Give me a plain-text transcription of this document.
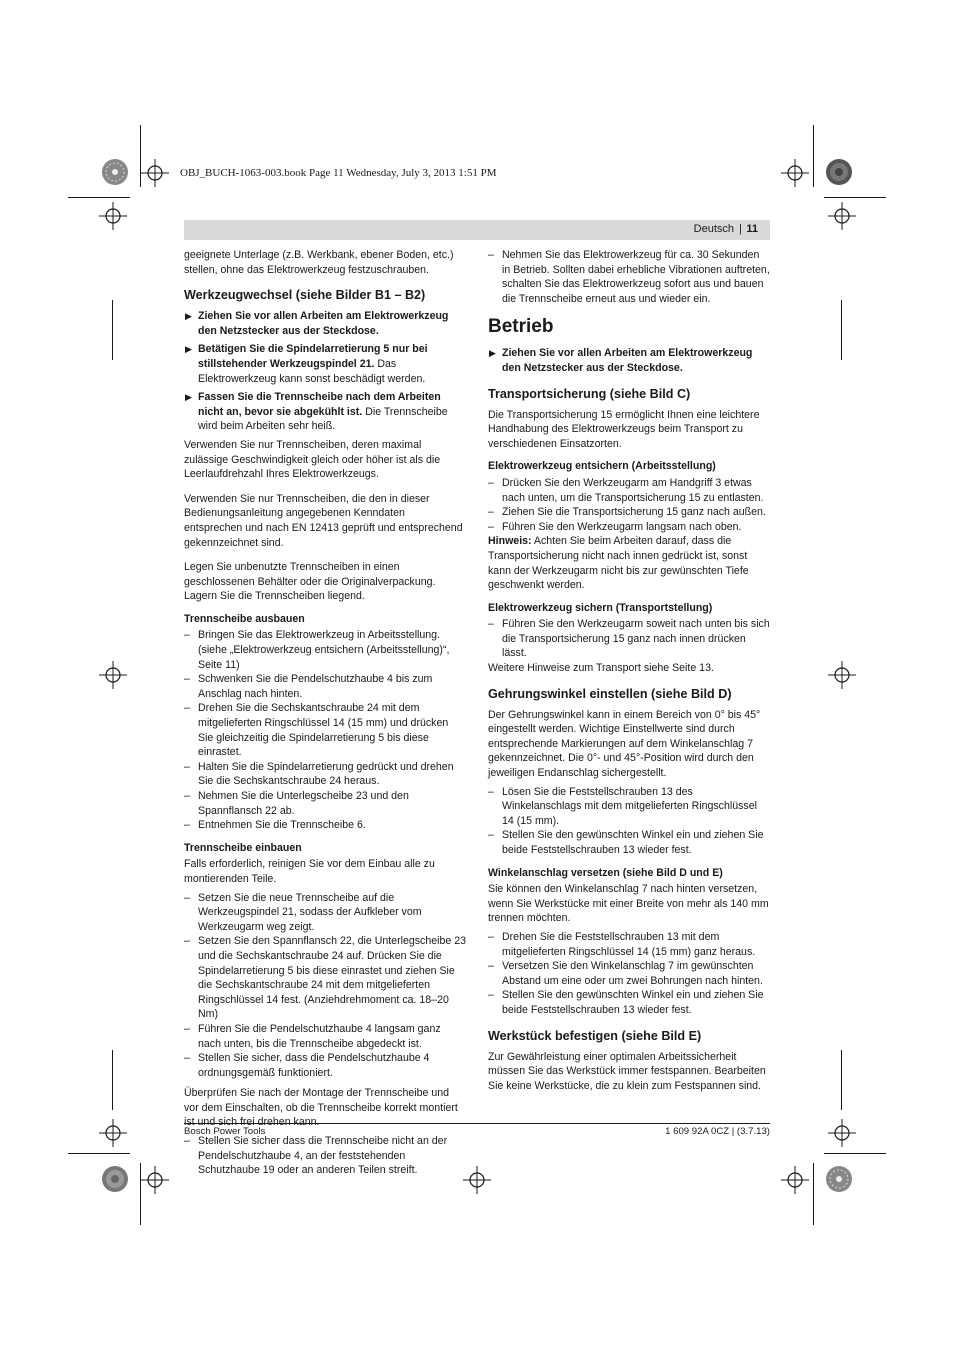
OBJ_BUCH-1063-003.book Page 11 Wednesday, July 3, 2013 1:51 PM
Deutsch | 11

geeignete Unterlage (z.B. Werkbank, ebener Boden, etc.) stellen, ohne das Elektrowerkzeug festzuschrauben.

Werkzeugwechsel (siehe Bilder B1 – B2)
▶ Ziehen Sie vor allen Arbeiten am Elektrowerkzeug den Netzstecker aus der Steckdose.
▶ Betätigen Sie die Spindelarretierung 5 nur bei stillstehender Werkzeugspindel 21. Das Elektrowerkzeug kann sonst beschädigt werden.
▶ Fassen Sie die Trennscheibe nach dem Arbeiten nicht an, bevor sie abgekühlt ist. Die Trennscheibe wird beim Arbeiten sehr heiß.

Verwenden Sie nur Trennscheiben, deren maximal zulässige Geschwindigkeit gleich oder höher ist als die Leerlaufdrehzahl Ihres Elektrowerkzeugs.

Verwenden Sie nur Trennscheiben, die den in dieser Bedienungsanleitung angegebenen Kenndaten entsprechen und nach EN 12413 geprüft und entsprechend gekennzeichnet sind.

Legen Sie unbenutzte Trennscheiben in einen geschlossenen Behälter oder die Originalverpackung. Lagern Sie die Trennscheiben liegend.

Trennscheibe ausbauen
– Bringen Sie das Elektrowerkzeug in Arbeitsstellung. (siehe „Elektrowerkzeug entsichern (Arbeitsstellung)“, Seite 11)
– Schwenken Sie die Pendelschutzhaube 4 bis zum Anschlag nach hinten.
– Drehen Sie die Sechskantschraube 24 mit dem mitgelieferten Ringschlüssel 14 (15 mm) und drücken Sie gleichzeitig die Spindelarretierung 5 bis diese einrastet.
– Halten Sie die Spindelarretierung gedrückt und drehen Sie die Sechskantschraube 24 heraus.
– Nehmen Sie die Unterlegscheibe 23 und den Spannflansch 22 ab.
– Entnehmen Sie die Trennscheibe 6.
Trennscheibe einbauen

Falls erforderlich, reinigen Sie vor dem Einbau alle zu montierenden Teile.

– Setzen Sie die neue Trennscheibe auf die Werkzeugspindel 21, sodass der Aufkleber vom Werkzeugarm weg zeigt.
– Setzen Sie den Spannflansch 22, die Unterlegscheibe 23 und die Sechskantschraube 24 auf. Drücken Sie die Spindelarretierung 5 bis diese einrastet und ziehen Sie die Sechskantschraube 24 mit dem mitgelieferten Ringschlüssel 14 fest. (Anziehdrehmoment ca. 18–20 Nm)
– Führen Sie die Pendelschutzhaube 4 langsam ganz nach unten, bis die Trennscheibe abgedeckt ist.
– Stellen Sie sicher, dass die Pendelschutzhaube 4 ordnungsgemäß funktioniert.

Überprüfen Sie nach der Montage der Trennscheibe und vor dem Einschalten, ob die Trennscheibe korrekt montiert

– Stellen Sie sicher dass die Trennscheibe nicht an der Pendelschutzhaube 4, an der feststehenden Schutzhaube 19 oder an anderen Teilen streift.
– Nehmen Sie das Elektrowerkzeug für ca. 30 Sekunden in Betrieb. Sollten dabei erhebliche Vibrationen auftreten, schalten Sie das Elektrowerkzeug sofort aus und bauen die Trennscheibe erneut aus und wieder ein.
Betrieb
▶ Ziehen Sie vor allen Arbeiten am Elektrowerkzeug den Netzstecker aus der Steckdose.
Transportsicherung (siehe Bild C)

Die Transportsicherung 15 ermöglicht Ihnen eine leichtere Handhabung des Elektrowerkzeugs beim Transport zu verschiedenen Einsatzorten.

Elektrowerkzeug entsichern (Arbeitsstellung)
– Drücken Sie den Werkzeugarm am Handgriff 3 etwas nach unten, um die Transportsicherung 15 zu entlasten.
– Ziehen Sie die Transportsicherung 15 ganz nach außen.
– Führen Sie den Werkzeugarm langsam nach oben.

Hinweis: Achten Sie beim Arbeiten darauf, dass die Transportsicherung nicht nach innen gedrückt ist, sonst kann der Werkzeugarm nicht bis zur gewünschten Tiefe geschwenkt werden.

Elektrowerkzeug sichern (Transportstellung)
– Führen Sie den Werkzeugarm soweit nach unten bis sich die Transportsicherung 15 ganz nach innen drücken lässt.

Weitere Hinweise zum Transport siehe Seite 13.

Gehrungswinkel einstellen (siehe Bild D)

Der Gehrungswinkel kann in einem Bereich von 0° bis 45° eingestellt werden. Wichtige Einstellwerte sind durch entsprechende Markierungen auf dem Winkelanschlag 7 gekennzeichnet. Die 0°- und 45°-Position wird durch den jeweiligen Endanschlag sichergestellt.

– Lösen Sie die Feststellschrauben 13 des Winkelanschlags mit dem mitgelieferten Ringschlüssel 14 (15 mm).
– Stellen Sie den gewünschten Winkel ein und ziehen Sie beide Feststellschrauben 13 wieder fest.
Winkelanschlag versetzen (siehe Bild D und E)

Sie können den Winkelanschlag 7 nach hinten versetzen, wenn Sie Werkstücke mit einer Breite von mehr als 140 mm trennen möchten.

– Drehen Sie die Feststellschrauben 13 mit dem mitgelieferten Ringschlüssel 14 (15 mm) ganz heraus.
– Versetzen Sie den Winkelanschlag 7 im gewünschten Abstand um eine oder um zwei Bohrungen nach hinten.
– Stellen Sie den gewünschten Winkel ein und ziehen Sie beide Feststellschrauben 13 wieder fest.
Werkstück befestigen (siehe Bild E)

Zur Gewährleistung einer optimalen Arbeitssicherheit müssen Sie das Werkstück immer festspannen. Bearbeiten Sie keine Werkstücke, die zu klein zum Festspannen sind.

Bosch Power Tools	1 609 92A 0CZ | (3.7.13)
